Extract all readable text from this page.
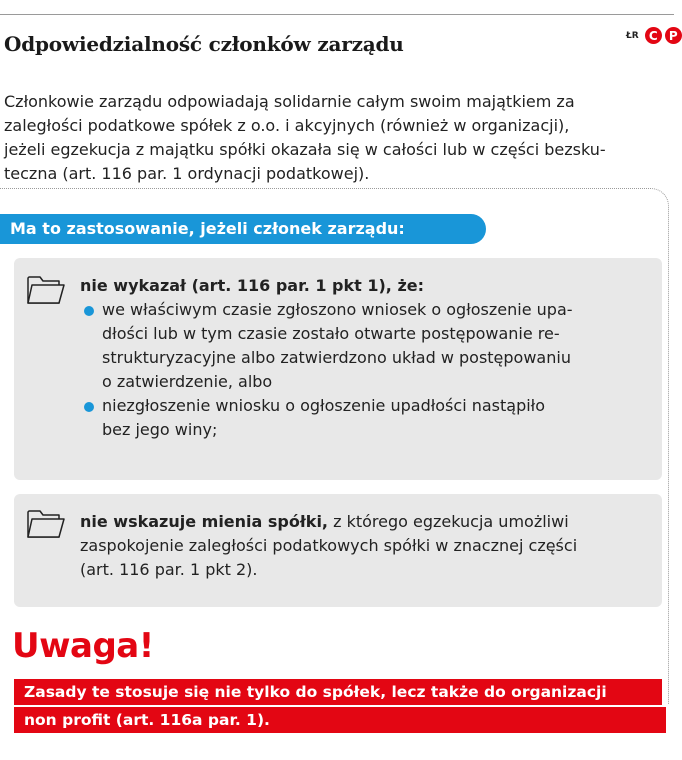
Odpowiedzialność członków zarządu	ŁR C P
Członkowie zarządu odpowiadają solidarnie całym swoim majątkiem za
zaległości podatkowe spółek z o.o. i akcyjnych (również w organizacji),
jeżeli egzekucja z majątku spółki okazała się w całości lub w części bezsku-
teczna (art. 116 par. 1 ordynacji podatkowej).
Ma to zastosowanie, jeżeli członek zarządu:
nie wykazał (art. 116 par. 1 pkt 1), że:
we właściwym czasie zgłoszono wniosek o ogłoszenie upa-
dłości lub w tym czasie zostało otwarte postępowanie re-
strukturyzacyjne albo zatwierdzono układ w postępowaniu
o zatwierdzenie, albo
niezgłoszenie wniosku o ogłoszenie upadłości nastąpiło
bez jego winy;
nie wskazuje mienia spółki, z którego egzekucja umożliwi
zaspokojenie zaległości podatkowych spółki w znacznej części
(art. 116 par. 1 pkt 2).
Uwaga!
Zasady te stosuje się nie tylko do spółek, lecz także do organizacji
non profit (art. 116a par. 1).
